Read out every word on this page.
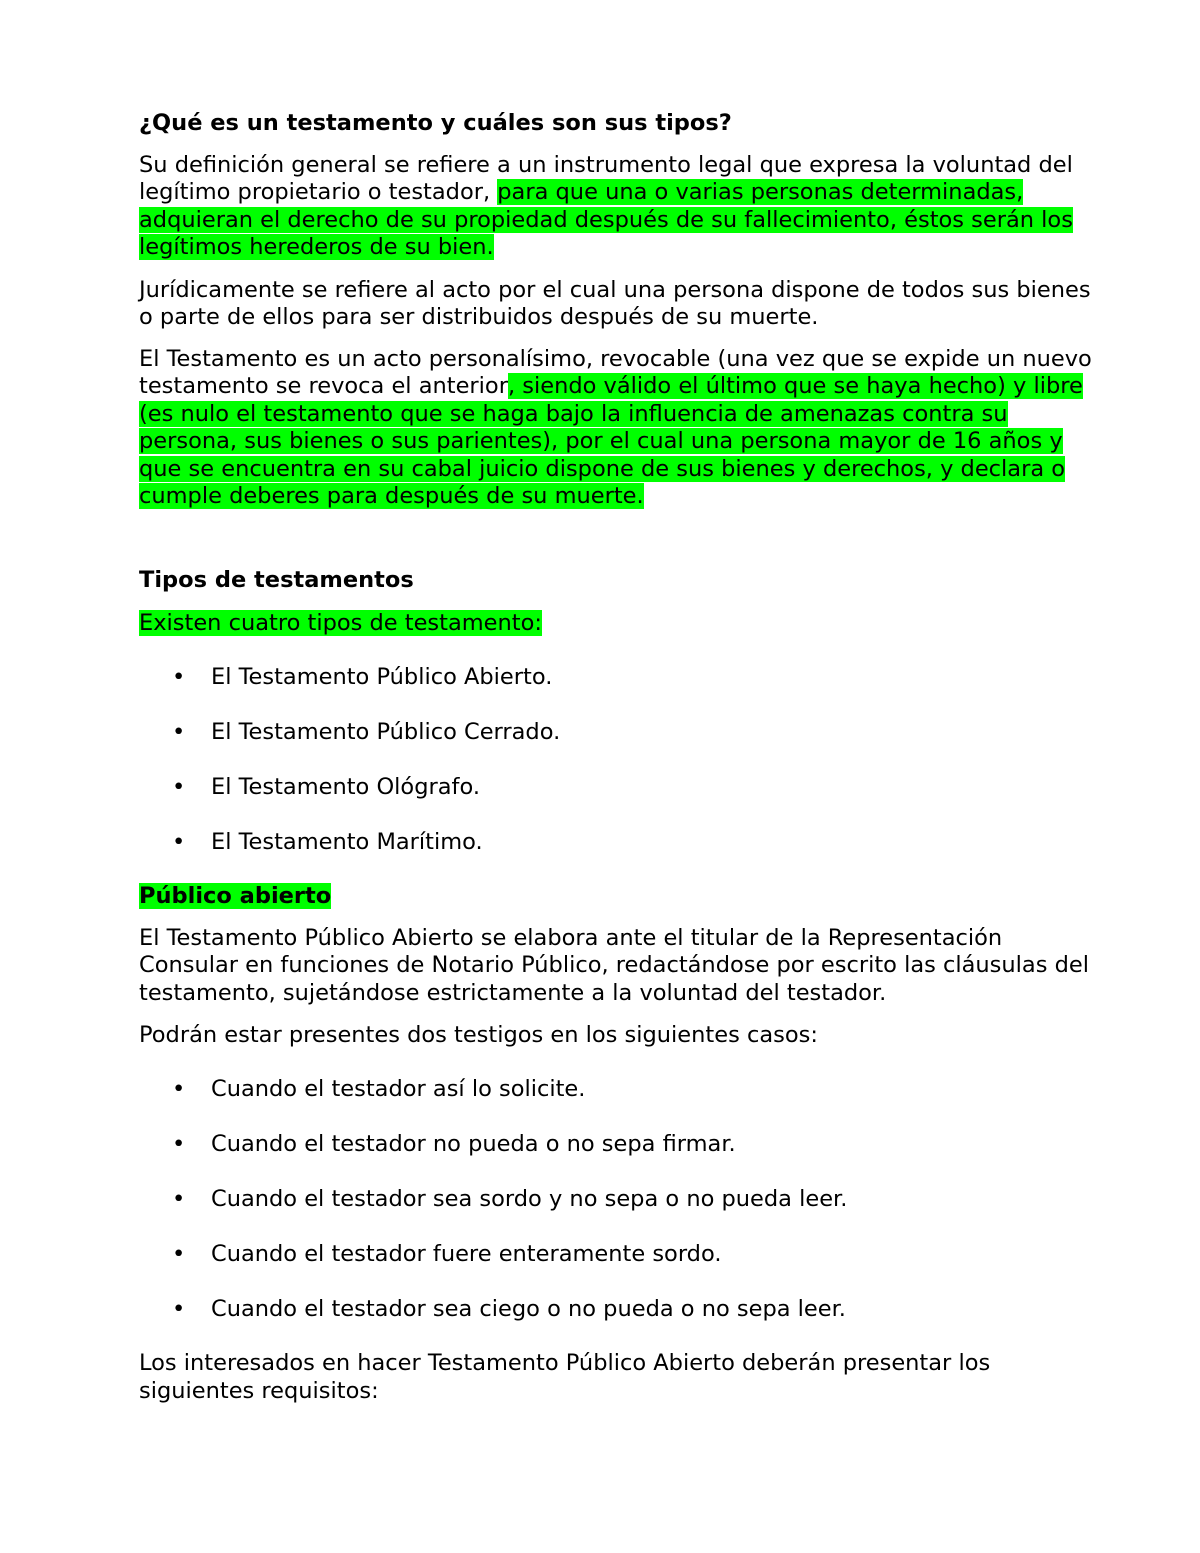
¿Qué es un testamento y cuáles son sus tipos?

Su definición general se refiere a un instrumento legal que expresa la voluntad del legítimo propietario o testador, para que una o varias personas determinadas, adquieran el derecho de su propiedad después de su fallecimiento, éstos serán los legítimos herederos de su bien.

Jurídicamente se refiere al acto por el cual una persona dispone de todos sus bienes o parte de ellos para ser distribuidos después de su muerte.

El Testamento es un acto personalísimo, revocable (una vez que se expide un nuevo testamento se revoca el anterior, siendo válido el último que se haya hecho) y libre (es nulo el testamento que se haga bajo la influencia de amenazas contra su persona, sus bienes o sus parientes), por el cual una persona mayor de 16 años y que se encuentra en su cabal juicio dispone de sus bienes y derechos, y declara o cumple deberes para después de su muerte.

Tipos de testamentos

Existen cuatro tipos de testamento:

• El Testamento Público Abierto.
• El Testamento Público Cerrado.
• El Testamento Ológrafo.
• El Testamento Marítimo.
Público abierto

El Testamento Público Abierto se elabora ante el titular de la Representación Consular en funciones de Notario Público, redactándose por escrito las cláusulas del testamento, sujetándose estrictamente a la voluntad del testador.

Podrán estar presentes dos testigos en los siguientes casos:

• Cuando el testador así lo solicite.
• Cuando el testador no pueda o no sepa firmar.
• Cuando el testador sea sordo y no sepa o no pueda leer.
• Cuando el testador fuere enteramente sordo.
• Cuando el testador sea ciego o no pueda o no sepa leer.

Los interesados en hacer Testamento Público Abierto deberán presentar los siguientes requisitos:
